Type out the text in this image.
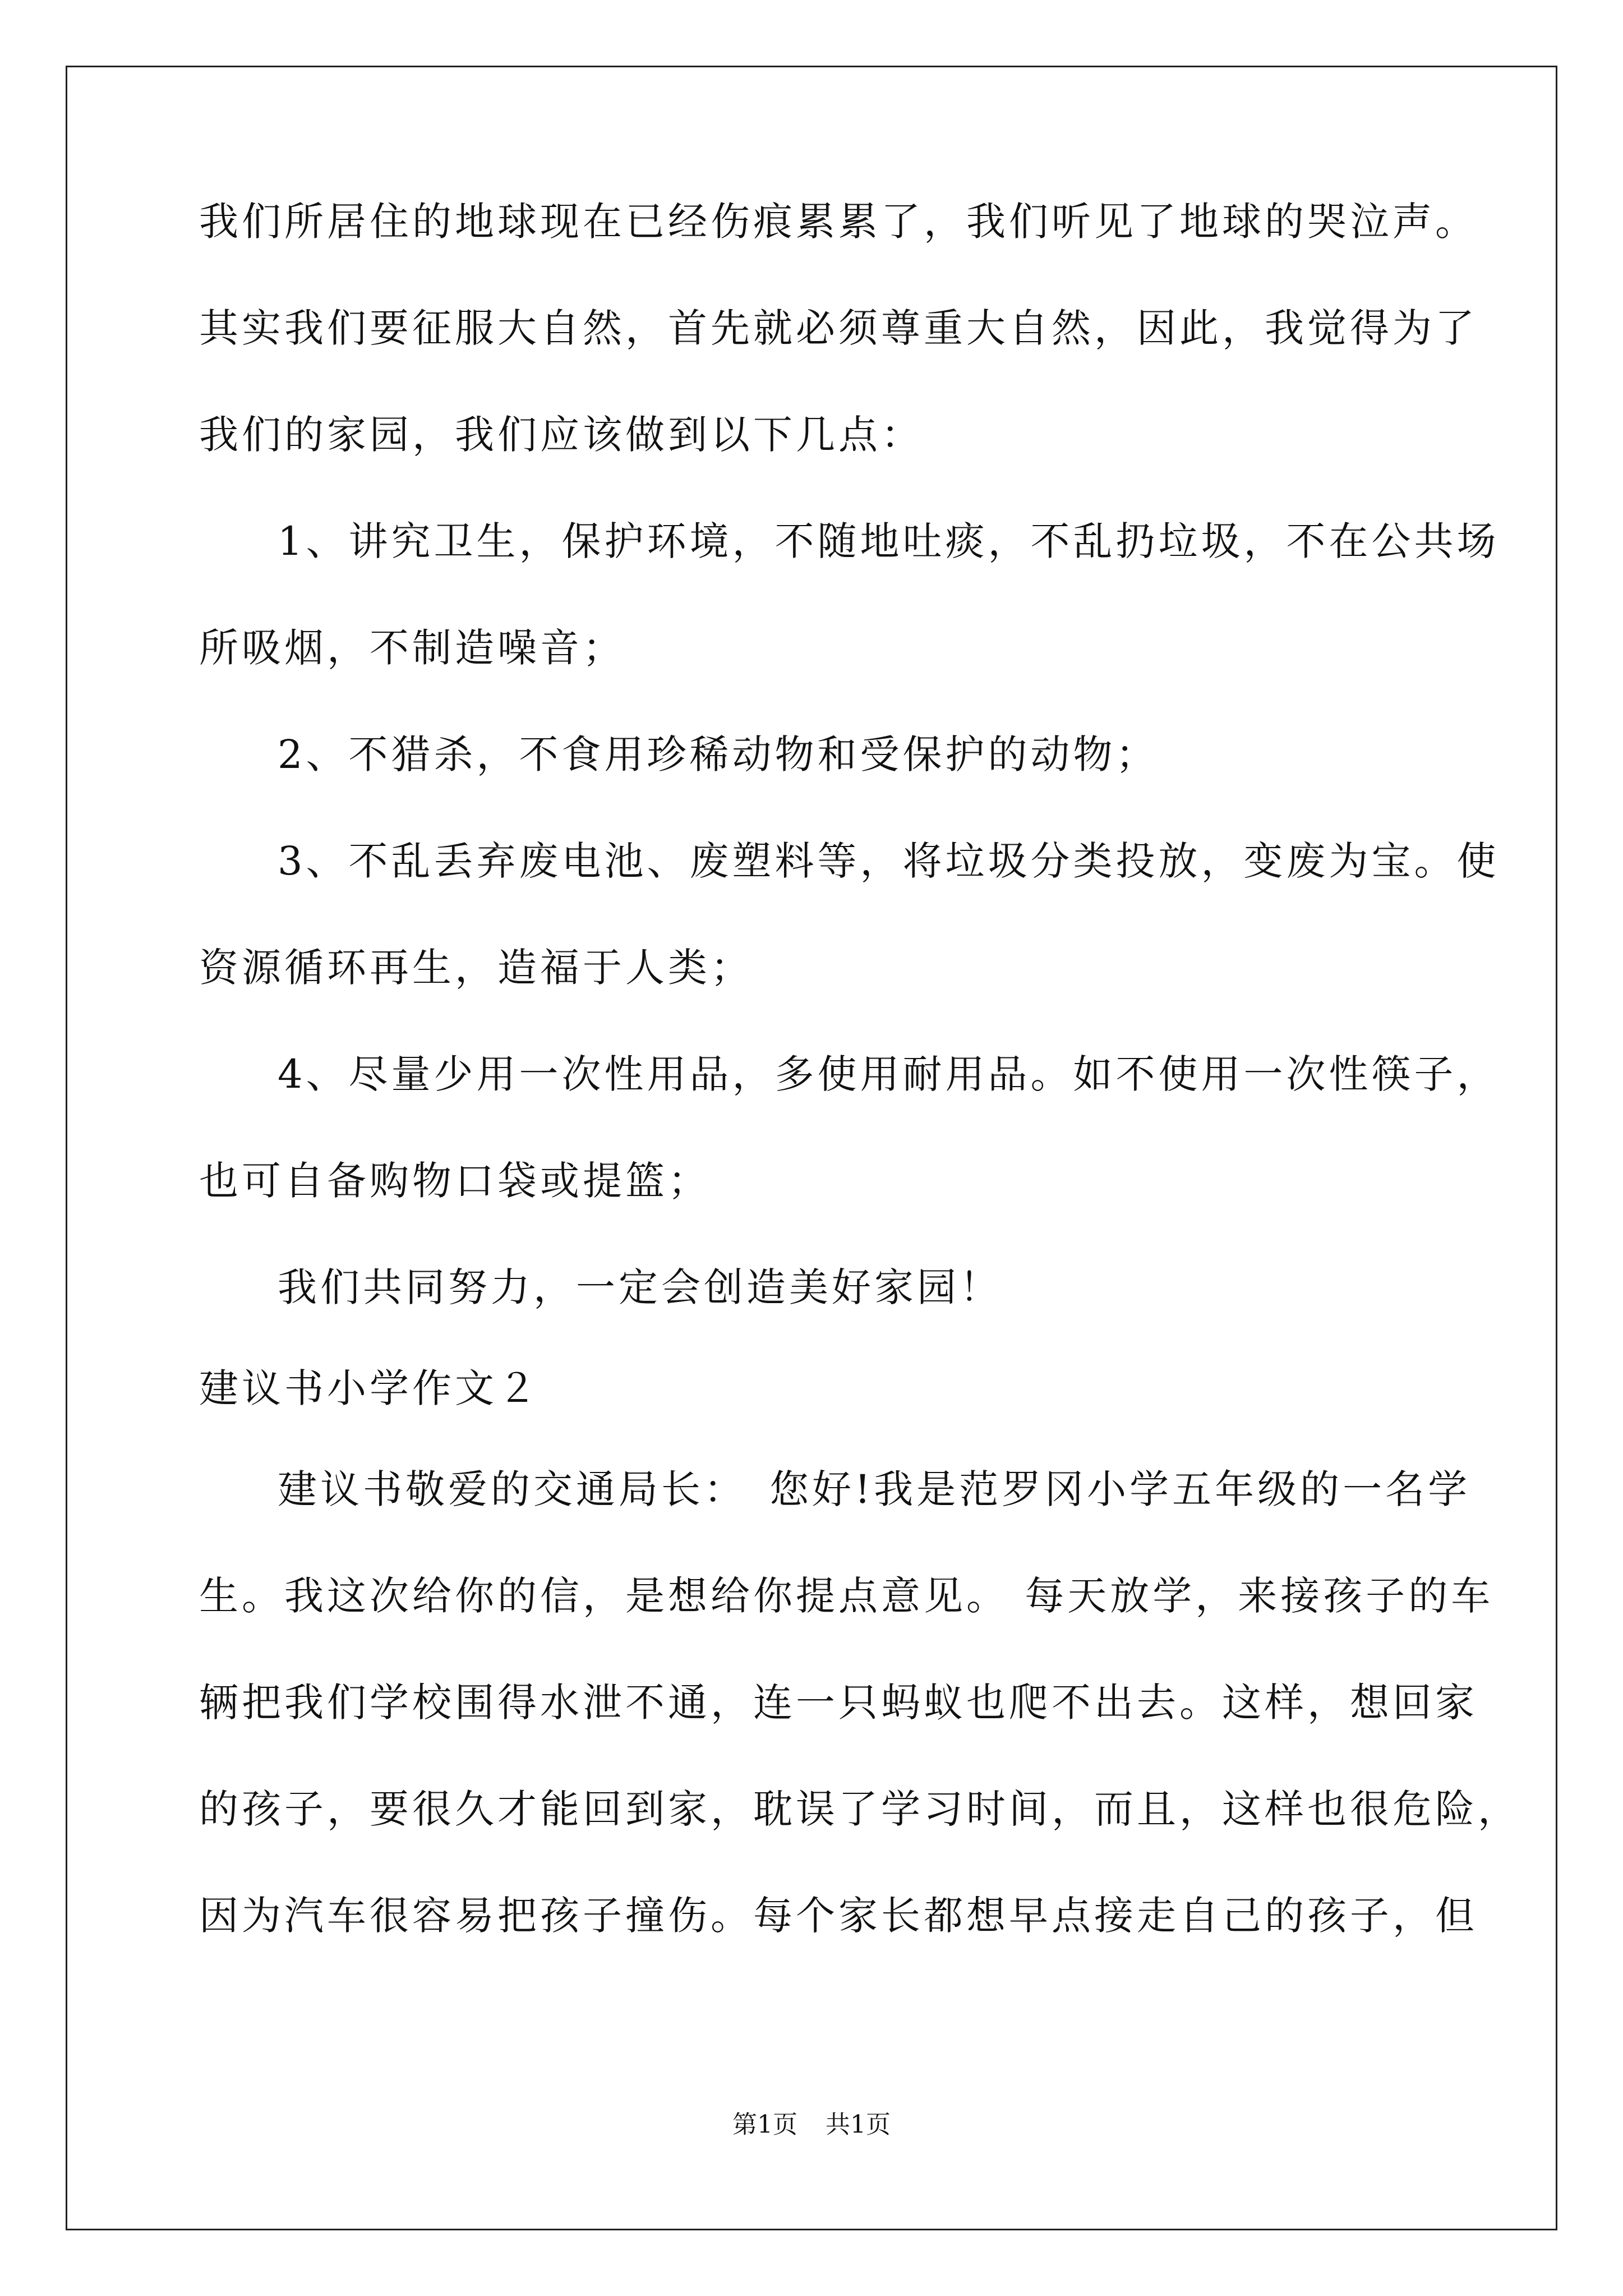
我们所居住的地球现在已经伤痕累累了，我们听见了地球的哭泣声。
其实我们要征服大自然，首先就必须尊重大自然，因此，我觉得为了
我们的家园，我们应该做到以下几点：
1、讲究卫生，保护环境，不随地吐痰，不乱扔垃圾，不在公共场
所吸烟，不制造噪音；
2、不猎杀，不食用珍稀动物和受保护的动物；
3、不乱丢弃废电池、废塑料等，将垃圾分类投放，变废为宝。使
资源循环再生，造福于人类；
4、尽量少用一次性用品，多使用耐用品。如不使用一次性筷子，
也可自备购物口袋或提篮；
我们共同努力，一定会创造美好家园！
建议书小学作文２
建议书敬爱的交通局长：　您好!我是范罗冈小学五年级的一名学
生。我这次给你的信，是想给你提点意见。 每天放学，来接孩子的车
辆把我们学校围得水泄不通，连一只蚂蚁也爬不出去。这样，想回家
的孩子，要很久才能回到家，耽误了学习时间，而且，这样也很危险，
因为汽车很容易把孩子撞伤。每个家长都想早点接走自己的孩子，但
第1页 共1页
